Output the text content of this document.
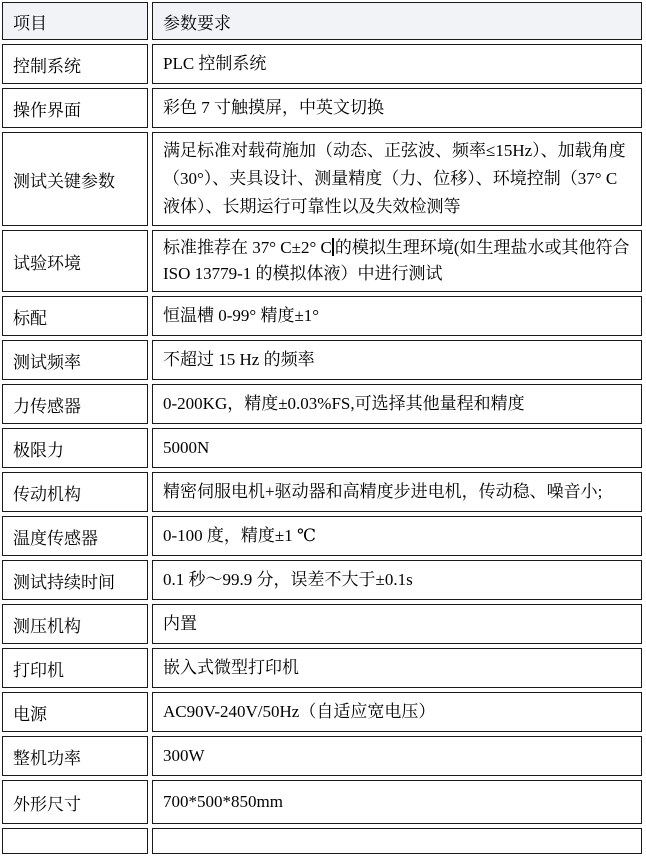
项目	参数要求
控制系统	PLC 控制系统
操作界面	彩色 7 寸触摸屏，中英文切换
测试关键参数	满足标准对载荷施加（动态、正弦波、频率≤15Hz）、加载角度（30°）、夹具设计、测量精度（力、位移）、环境控制（37° C 液体）、长期运行可靠性以及失效检测等
试验环境	标准推荐在 37° C±2° C 的模拟生理环境(如生理盐水或其他符合 ISO 13779-1 的模拟体液）中进行测试
标配	恒温槽 0-99° 精度±1°
测试频率	不超过 15 Hz 的频率
力传感器	0-200KG，精度±0.03%FS,可选择其他量程和精度
极限力	5000N
传动机构	精密伺服电机+驱动器和高精度步进电机，传动稳、噪音小;
温度传感器	0-100 度，精度±1 ℃
测试持续时间	0.1 秒～99.9 分，误差不大于±0.1s
测压机构	内置
打印机	嵌入式微型打印机
电源	AC90V-240V/50Hz（自适应宽电压）
整机功率	300W
外形尺寸	700*500*850mm
